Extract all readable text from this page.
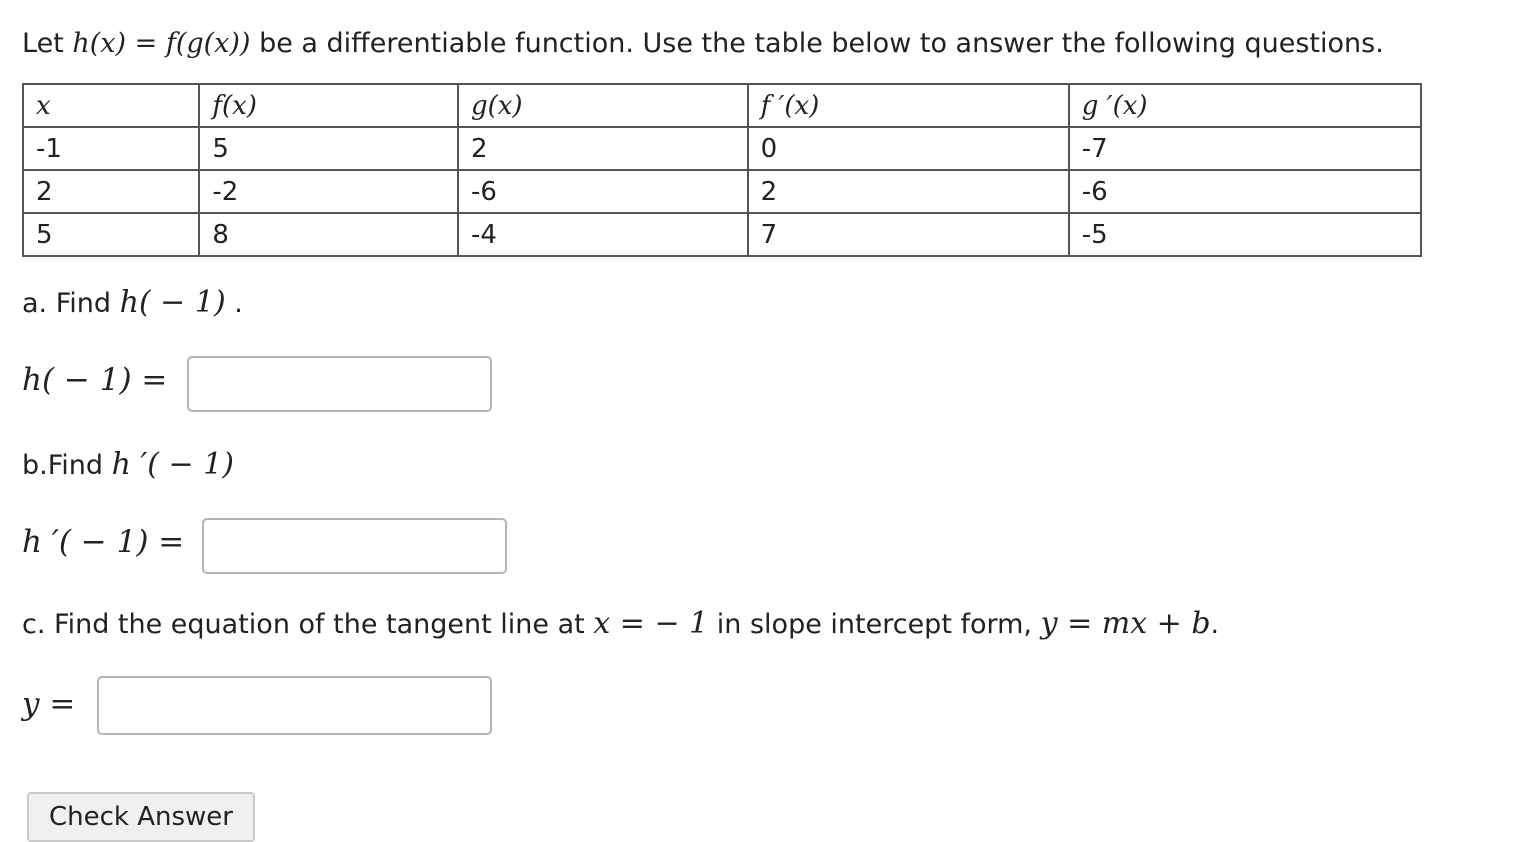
Let h(x) = f(g(x)) be a differentiable function. Use the table below to answer the following questions.
x	f(x)	g(x)	f ′(x)	g ′(x)
-1	5	2	0	-7
2	-2	-6	2	-6
5	8	-4	7	-5
a. Find h( − 1) .
h( − 1) =
b.Find h ′( − 1)
h ′( − 1) =
c. Find the equation of the tangent line at x = − 1 in slope intercept form, y = mx + b.
y =
Check Answer
